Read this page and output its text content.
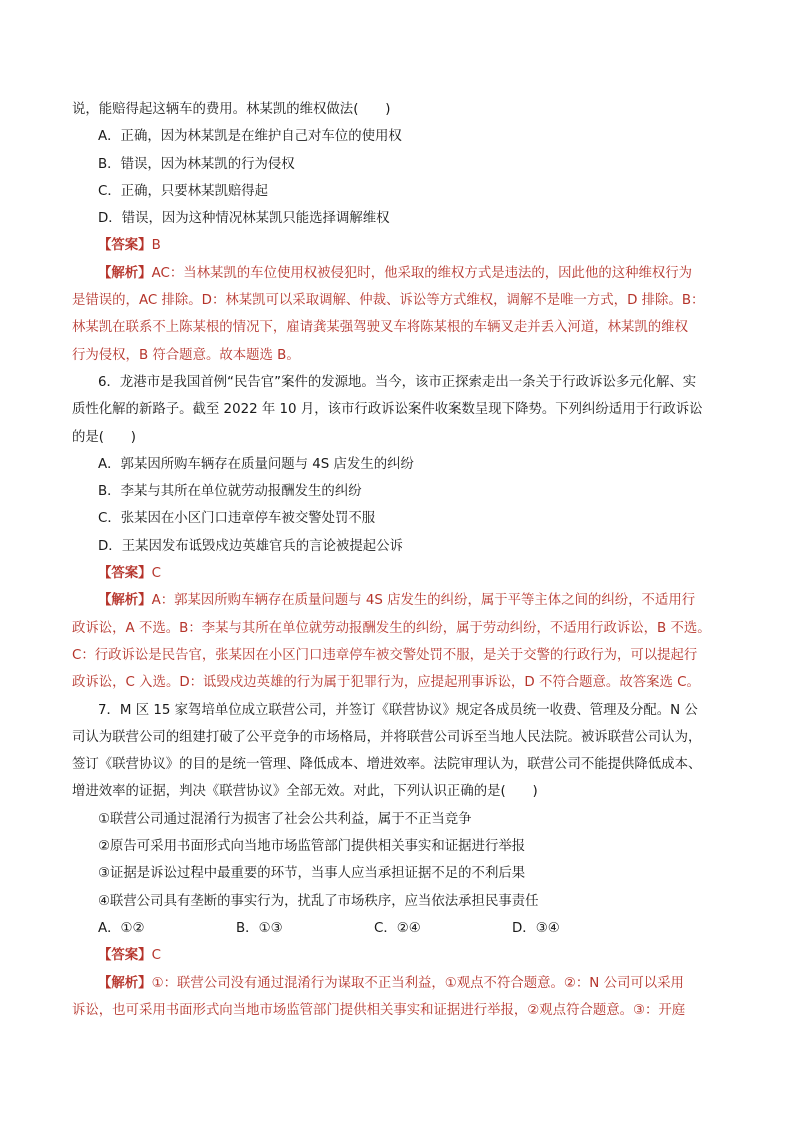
说，能赔得起这辆车的费用。林某凯的维权做法(　　)
A．正确，因为林某凯是在维护自己对车位的使用权
B．错误，因为林某凯的行为侵权
C．正确，只要林某凯赔得起
D．错误，因为这种情况林某凯只能选择调解维权
【答案】B
【解析】AC：当林某凯的车位使用权被侵犯时，他采取的维权方式是违法的，因此他的这种维权行为
是错误的，AC 排除。D：林某凯可以采取调解、仲裁、诉讼等方式维权，调解不是唯一方式，D 排除。B：
林某凯在联系不上陈某根的情况下，雇请龚某强驾驶叉车将陈某根的车辆叉走并丢入河道，林某凯的维权
行为侵权，B 符合题意。故本题选 B。
6．龙港市是我国首例“民告官”案件的发源地。当今，该市正探索走出一条关于行政诉讼多元化解、实
质性化解的新路子。截至 2022 年 10 月，该市行政诉讼案件收案数呈现下降势。下列纠纷适用于行政诉讼
的是(　　)
A．郭某因所购车辆存在质量问题与 4S 店发生的纠纷
B．李某与其所在单位就劳动报酬发生的纠纷
C．张某因在小区门口违章停车被交警处罚不服
D．王某因发布诋毁戍边英雄官兵的言论被提起公诉
【答案】C
【解析】A：郭某因所购车辆存在质量问题与 4S 店发生的纠纷，属于平等主体之间的纠纷，不适用行
政诉讼，A 不选。B：李某与其所在单位就劳动报酬发生的纠纷，属于劳动纠纷，不适用行政诉讼，B 不选。
C：行政诉讼是民告官，张某因在小区门口违章停车被交警处罚不服，是关于交警的行政行为，可以提起行
政诉讼，C 入选。D：诋毁戍边英雄的行为属于犯罪行为，应提起刑事诉讼，D 不符合题意。故答案选 C。
7．M 区 15 家驾培单位成立联营公司，并签订《联营协议》规定各成员统一收费、管理及分配。N 公
司认为联营公司的组建打破了公平竞争的市场格局，并将联营公司诉至当地人民法院。被诉联营公司认为，
签订《联营协议》的目的是统一管理、降低成本、增进效率。法院审理认为，联营公司不能提供降低成本、
增进效率的证据，判决《联营协议》全部无效。对此，下列认识正确的是(　　)
①联营公司通过混淆行为损害了社会公共利益，属于不正当竞争
②原告可采用书面形式向当地市场监管部门提供相关事实和证据进行举报
③证据是诉讼过程中最重要的环节，当事人应当承担证据不足的不利后果
④联营公司具有垄断的事实行为，扰乱了市场秩序，应当依法承担民事责任
A．①②	B．①③	C．②④	D．③④
【答案】C
【解析】①：联营公司没有通过混淆行为谋取不正当利益，①观点不符合题意。②：N 公司可以采用
诉讼，也可采用书面形式向当地市场监管部门提供相关事实和证据进行举报，②观点符合题意。③：开庭
